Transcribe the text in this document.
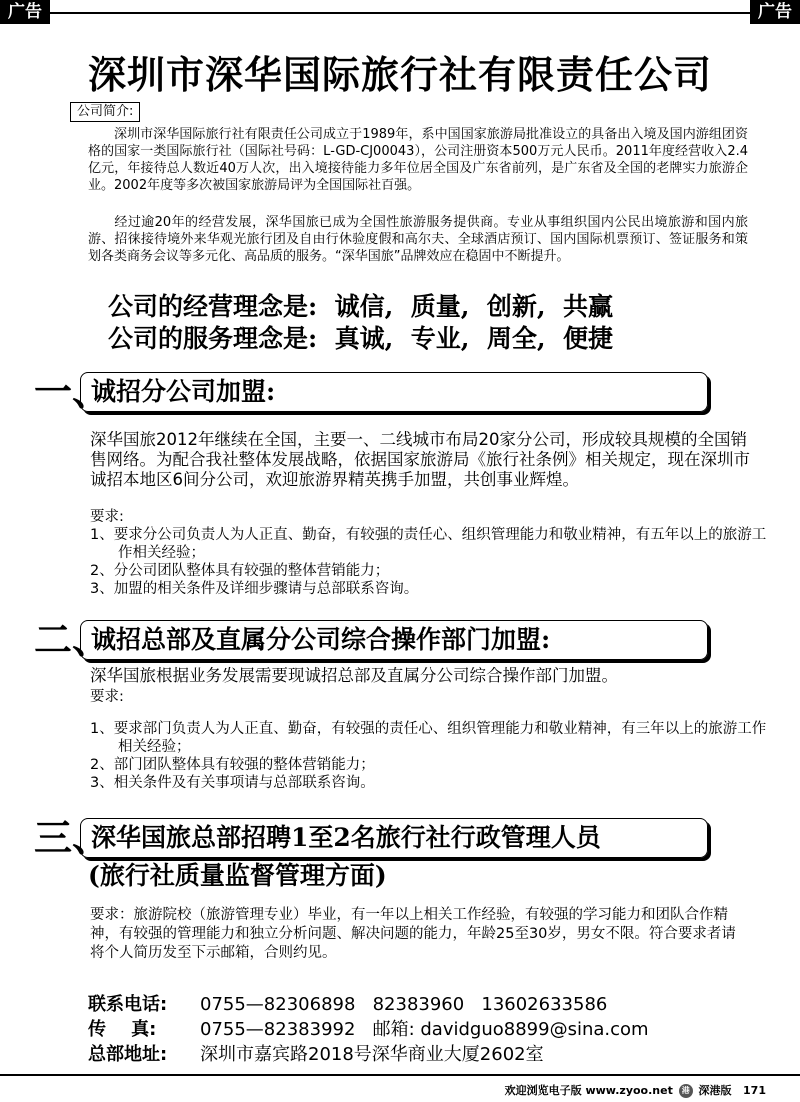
广告	广告
深圳市深华国际旅行社有限责任公司
公司简介:
深圳市深华国际旅行社有限责任公司成立于1989年，系中国国家旅游局批准设立的具备出入境及国内游组团资格的国家一类国际旅行社（国际社号码：L-GD-CJ00043），公司注册资本500万元人民币。2011年度经营收入2.4亿元，年接待总人数近40万人次，出入境接待能力多年位居全国及广东省前列，是广东省及全国的老牌实力旅游企业。2002年度等多次被国家旅游局评为全国国际社百强。
经过逾20年的经营发展，深华国旅已成为全国性旅游服务提供商。专业从事组织国内公民出境旅游和国内旅游、招徕接待境外来华观光旅行团及自由行休验度假和高尔夫、全球酒店预订、国内国际机票预订、签证服务和策划各类商务会议等多元化、高品质的服务。“深华国旅”品牌效应在稳固中不断提升。
公司的经营理念是:  诚信,  质量,  创新,  共赢
公司的服务理念是:  真诚,  专业,  周全,  便捷
一、
诚招分公司加盟:
深华国旅2012年继续在全国，主要一、二线城市布局20家分公司，形成较具规模的全国销售网络。为配合我社整体发展战略，依据国家旅游局《旅行社条例》相关规定，现在深圳市诚招本地区6间分公司，欢迎旅游界精英携手加盟，共创事业辉煌。
要求:
1、要求分公司负责人为人正直、勤奋，有较强的责任心、组织管理能力和敬业精神，有五年以上的旅游工作相关经验；
2、分公司团队整体具有较强的整体营销能力；
3、加盟的相关条件及详细步骤请与总部联系咨询。
二、
诚招总部及直属分公司综合操作部门加盟:
深华国旅根据业务发展需要现诚招总部及直属分公司综合操作部门加盟。
要求:
1、要求部门负责人为人正直、勤奋，有较强的责任心、组织管理能力和敬业精神，有三年以上的旅游工作相关经验；
2、部门团队整体具有较强的整体营销能力；
3、相关条件及有关事项请与总部联系咨询。
三、
深华国旅总部招聘1至2名旅行社行政管理人员
(旅行社质量监督管理方面)
要求：旅游院校（旅游管理专业）毕业，有一年以上相关工作经验，有较强的学习能力和团队合作精神，有较强的管理能力和独立分析问题、解决问题的能力，年龄25至30岁，男女不限。符合要求者请将个人简历发至下示邮箱，合则约见。
联系电话: 0755—82306898   82383960   13602633586
传    真: 0755—82383992   邮箱: davidguo8899@sina.com
总部地址: 深圳市嘉宾路2018号深华商业大厦2602室
欢迎浏览电子版 www.zyoo.net 港 深港版 171
